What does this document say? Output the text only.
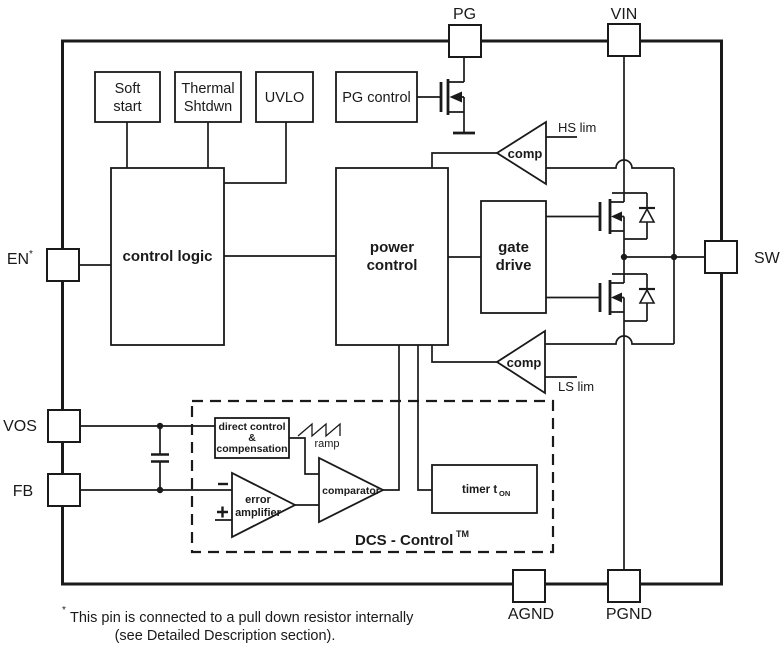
Soft
start
Thermal
Shtdwn
UVLO	PG control
control logic
power
control
gate
drive
comp
HS lim
comp
LS lim
direct control
&
compensation ramp
error
amplifier
comparator	timer t ON
DCS - Control TM
PG	VIN
SW
EN *
VOS
FB
AGND	PGND
* This pin is connected to a pull down resistor internally
(see Detailed Description section).
